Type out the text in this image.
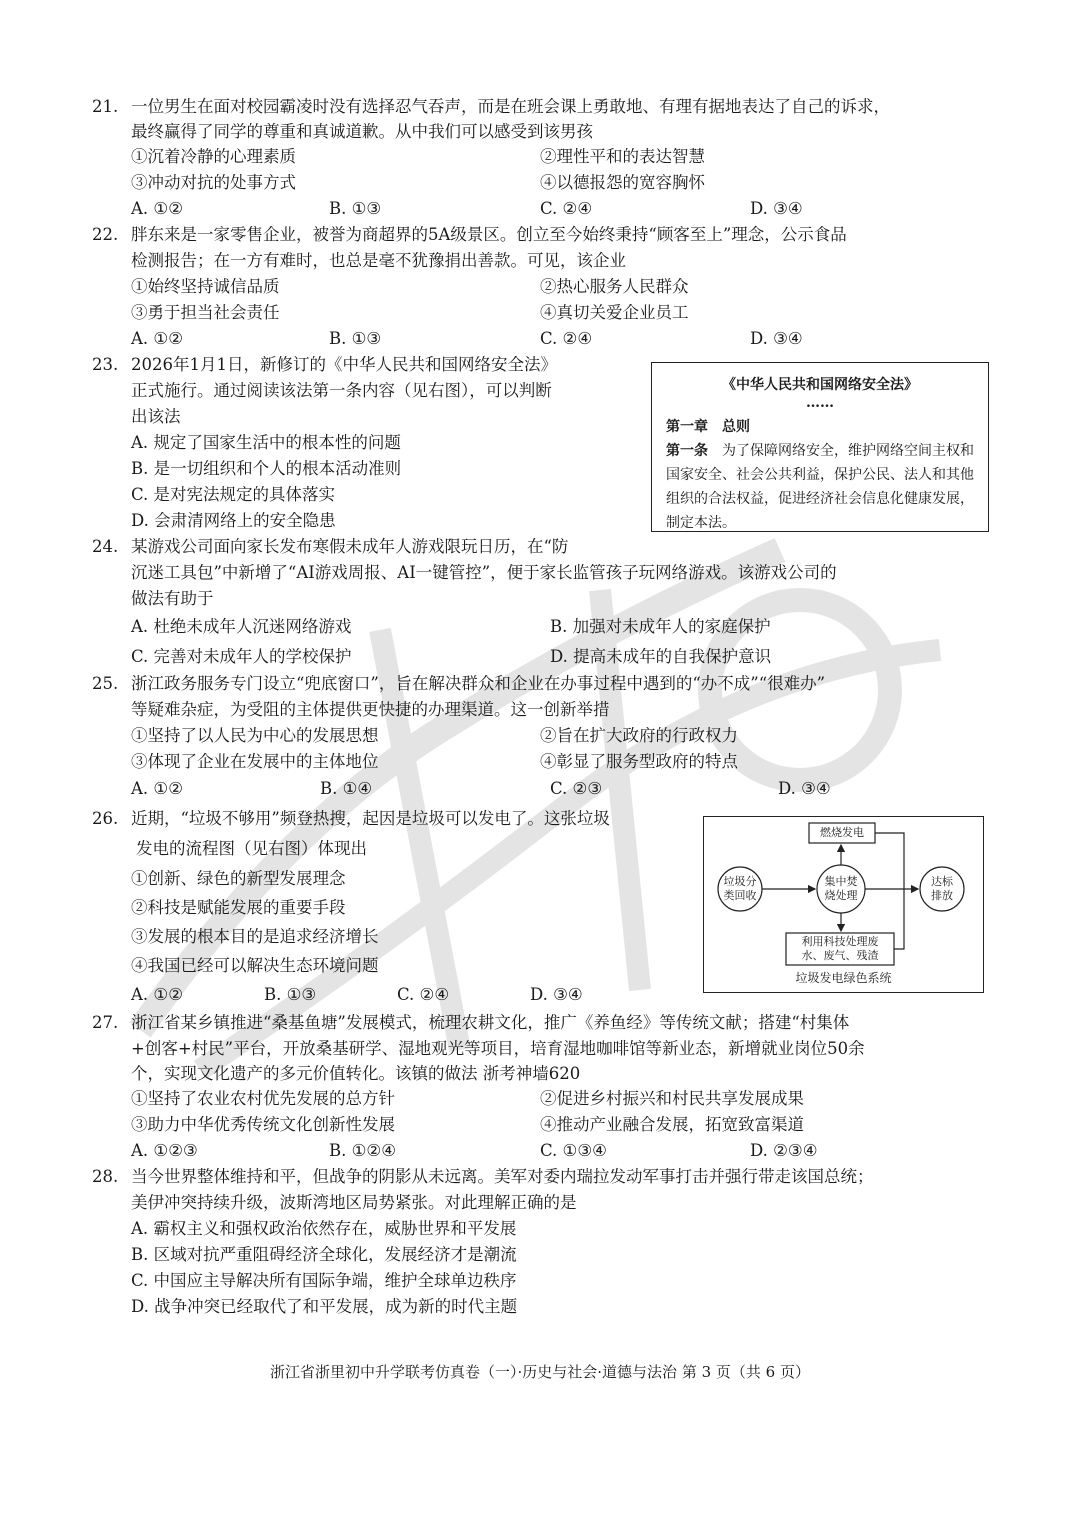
21. 一位男生在面对校园霸凌时没有选择忍气吞声，而是在班会课上勇敢地、有理有据地表达了自己的诉求，
最终赢得了同学的尊重和真诚道歉。从中我们可以感受到该男孩
①沉着冷静的心理素质	②理性平和的表达智慧
③冲动对抗的处事方式	④以德报怨的宽容胸怀
A. ①②	B. ①③	C. ②④	D. ③④
22. 胖东来是一家零售企业，被誉为商超界的5A级景区。创立至今始终秉持“顾客至上”理念，公示食品
检测报告；在一方有难时，也总是毫不犹豫捐出善款。可见，该企业
①始终坚持诚信品质	②热心服务人民群众
③勇于担当社会责任	④真切关爱企业员工
A. ①②	B. ①③	C. ②④	D. ③④
23. 2026年1月1日，新修订的《中华人民共和国网络安全法》
正式施行。通过阅读该法第一条内容（见右图），可以判断
出该法
A. 规定了国家生活中的根本性的问题
B. 是一切组织和个人的根本活动准则
C. 是对宪法规定的具体落实
D. 会肃清网络上的安全隐患
《中华人民共和国网络安全法》
……
第一章　总则
第一条　 为了保障网络安全，维护网络空间主权和国家安全、社会公共利益，保护公民、法人和其他组织的合法权益，促进经济社会信息化健康发展，制定本法。
24. 某游戏公司面向家长发布寒假未成年人游戏限玩日历，在“防
沉迷工具包”中新增了“AI游戏周报、AI一键管控”，便于家长监管孩子玩网络游戏。该游戏公司的
做法有助于
A. 杜绝未成年人沉迷网络游戏	B. 加强对未成年人的家庭保护
C. 完善对未成年人的学校保护	D. 提高未成年的自我保护意识
25. 浙江政务服务专门设立“兜底窗口”，旨在解决群众和企业在办事过程中遇到的“办不成”“很难办”
等疑难杂症，为受阻的主体提供更快捷的办理渠道。这一创新举措
①坚持了以人民为中心的发展思想	②旨在扩大政府的行政权力
③体现了企业在发展中的主体地位	④彰显了服务型政府的特点
A. ①②	B. ①④	C. ②③	D. ③④
26. 近期，“垃圾不够用”频登热搜，起因是垃圾可以发电了。这张垃圾
发电的流程图（见右图）体现出
①创新、绿色的新型发展理念
②科技是赋能发展的重要手段
③发展的根本目的是追求经济增长
④我国已经可以解决生态环境问题
A. ①②	B. ①③	C. ②④	D. ③④
燃烧发电
垃圾分
类回收
集中焚
烧处理
达标
排放
利用科技处理废
水、废气、残渣
垃圾发电绿色系统
27. 浙江省某乡镇推进“桑基鱼塘”发展模式，梳理农耕文化，推广《养鱼经》等传统文献；搭建“村集体
+创客+村民”平台，开放桑基研学、湿地观光等项目，培育湿地咖啡馆等新业态，新增就业岗位50余
个，实现文化遗产的多元价值转化。该镇的做法 浙考神墙620
①坚持了农业农村优先发展的总方针	②促进乡村振兴和村民共享发展成果
③助力中华优秀传统文化创新性发展	④推动产业融合发展，拓宽致富渠道
A. ①②③	B. ①②④	C. ①③④	D. ②③④
28. 当今世界整体维持和平，但战争的阴影从未远离。美军对委内瑞拉发动军事打击并强行带走该国总统；
美伊冲突持续升级，波斯湾地区局势紧张。对此理解正确的是
A. 霸权主义和强权政治依然存在，威胁世界和平发展
B. 区域对抗严重阻碍经济全球化，发展经济才是潮流
C. 中国应主导解决所有国际争端，维护全球单边秩序
D. 战争冲突已经取代了和平发展，成为新的时代主题
浙江省浙里初中升学联考仿真卷（一）·历史与社会·道德与法治 第 3 页（共 6 页）
